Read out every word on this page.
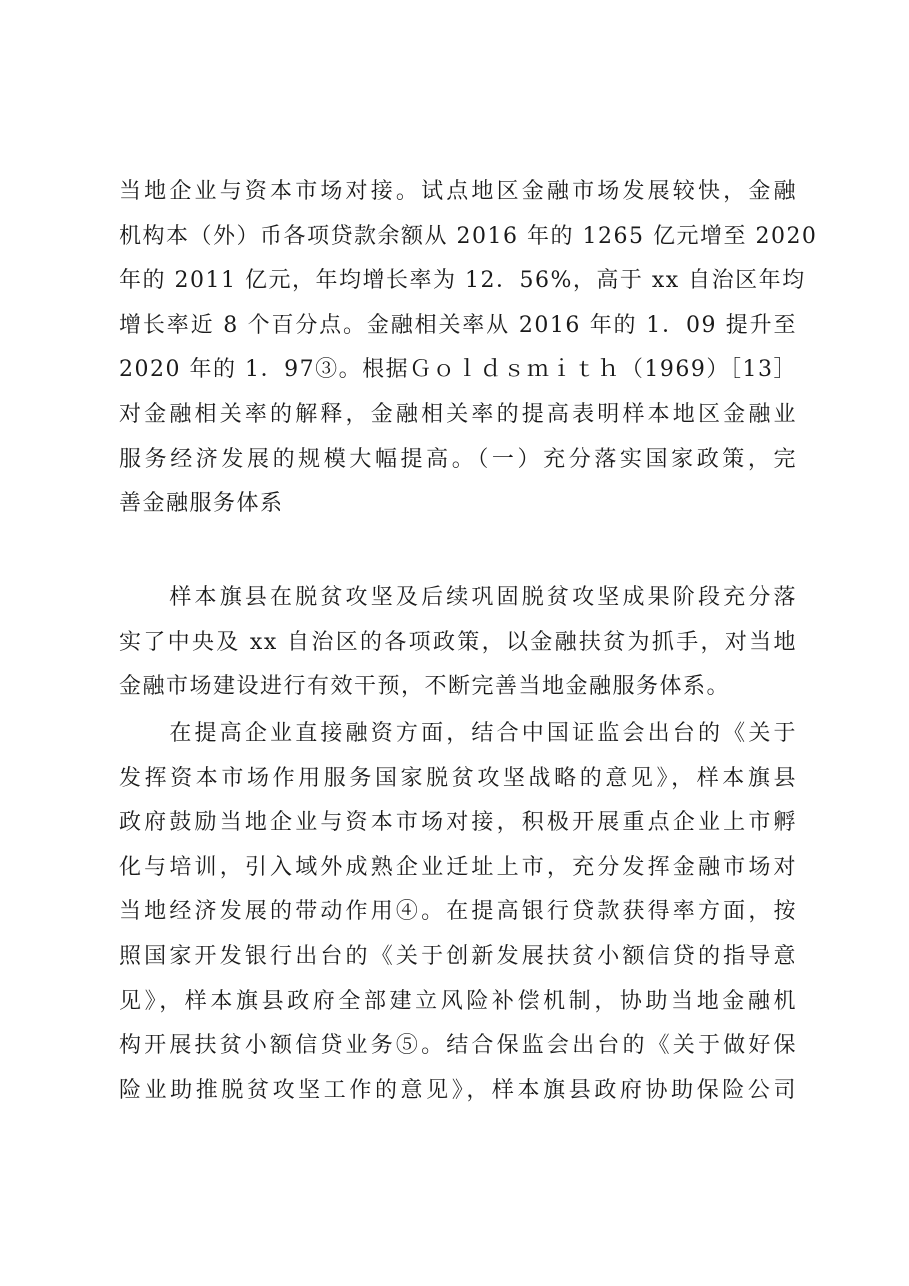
当地企业与资本市场对接。试点地区金融市场发展较快，金融
机构本（外）币各项贷款余额从 2016 年的 1265 亿元增至 2020
年的 2011 亿元，年均增长率为 12．56%，高于 xx 自治区年均
增长率近 8 个百分点。金融相关率从 2016 年的 1．09 提升至
2020 年的 1．97③。根据Ｇｏｌｄｓｍｉｔｈ（1969）［13］
对金融相关率的解释，金融相关率的提高表明样本地区金融业
服务经济发展的规模大幅提高。（一）充分落实国家政策，完
善金融服务体系
　　样本旗县在脱贫攻坚及后续巩固脱贫攻坚成果阶段充分落
实了中央及 xx 自治区的各项政策，以金融扶贫为抓手，对当地
金融市场建设进行有效干预，不断完善当地金融服务体系。
　　在提高企业直接融资方面，结合中国证监会出台的《关于
发挥资本市场作用服务国家脱贫攻坚战略的意见》，样本旗县
政府鼓励当地企业与资本市场对接，积极开展重点企业上市孵
化与培训，引入域外成熟企业迁址上市，充分发挥金融市场对
当地经济发展的带动作用④。在提高银行贷款获得率方面，按
照国家开发银行出台的《关于创新发展扶贫小额信贷的指导意
见》，样本旗县政府全部建立风险补偿机制，协助当地金融机
构开展扶贫小额信贷业务⑤。结合保监会出台的《关于做好保
险业助推脱贫攻坚工作的意见》，样本旗县政府协助保险公司
